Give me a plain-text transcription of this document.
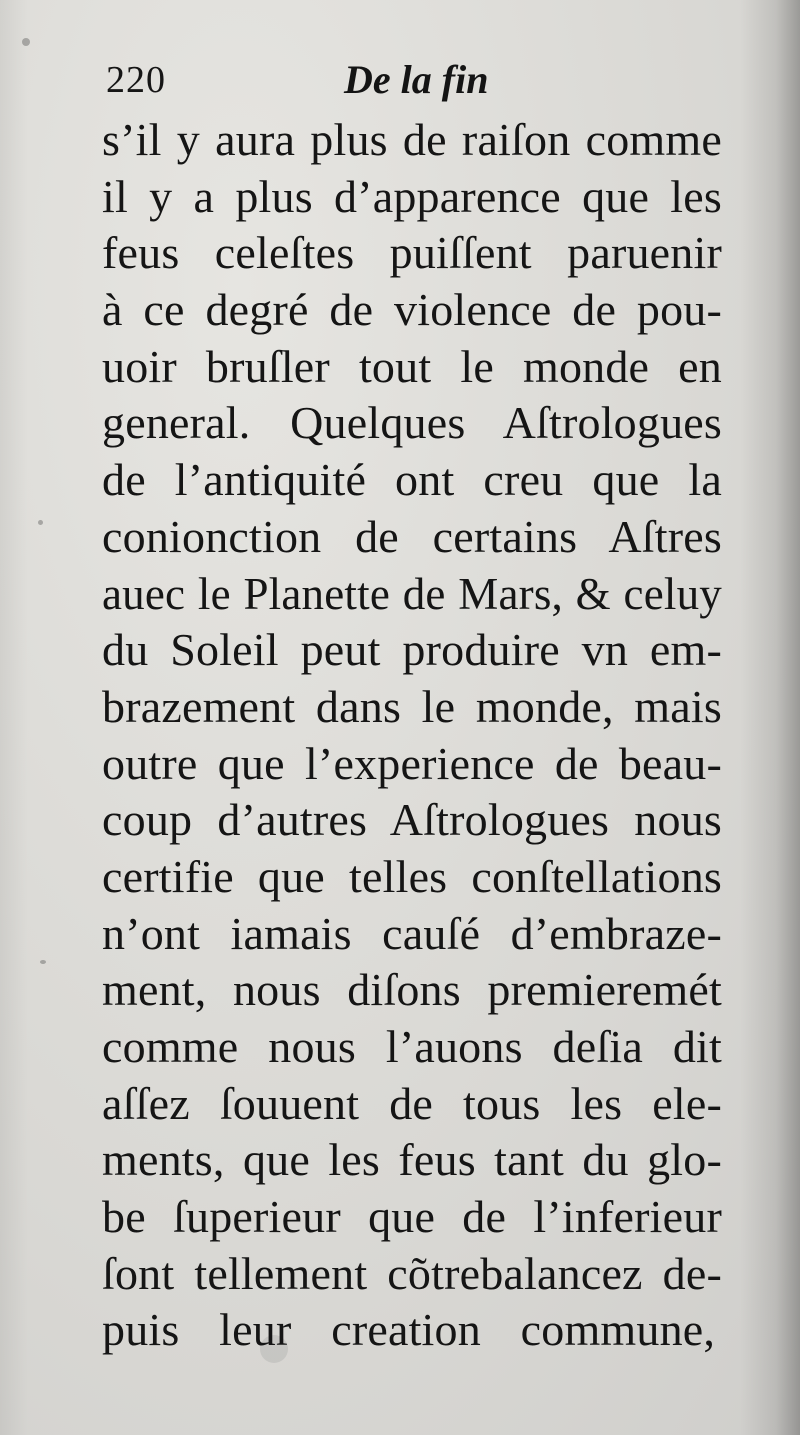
220	De la fin
s’il y aura plus de raiſon comme
il y a plus d’apparence que les
feus celeſtes puiſſent paruenir
à ce degré de violence de pou-
uoir bruſler tout le monde en
general. Quelques Aſtrologues
de l’antiquité ont creu que la
conionction de certains Aſtres
auec le Planette de Mars, & celuy
du Soleil peut produire vn em-
brazement dans le monde, mais
outre que l’experience de beau-
coup d’autres Aſtrologues nous
certifie que telles conſtellations
n’ont iamais cauſé d’embraze-
ment, nous diſons premieremét
comme nous l’auons deſia dit
aſſez ſouuent de tous les ele-
ments, que les feus tant du glo-
be ſuperieur que de l’inferieur
ſont tellement cõtrebalancez de-
puis leur creation commune,
